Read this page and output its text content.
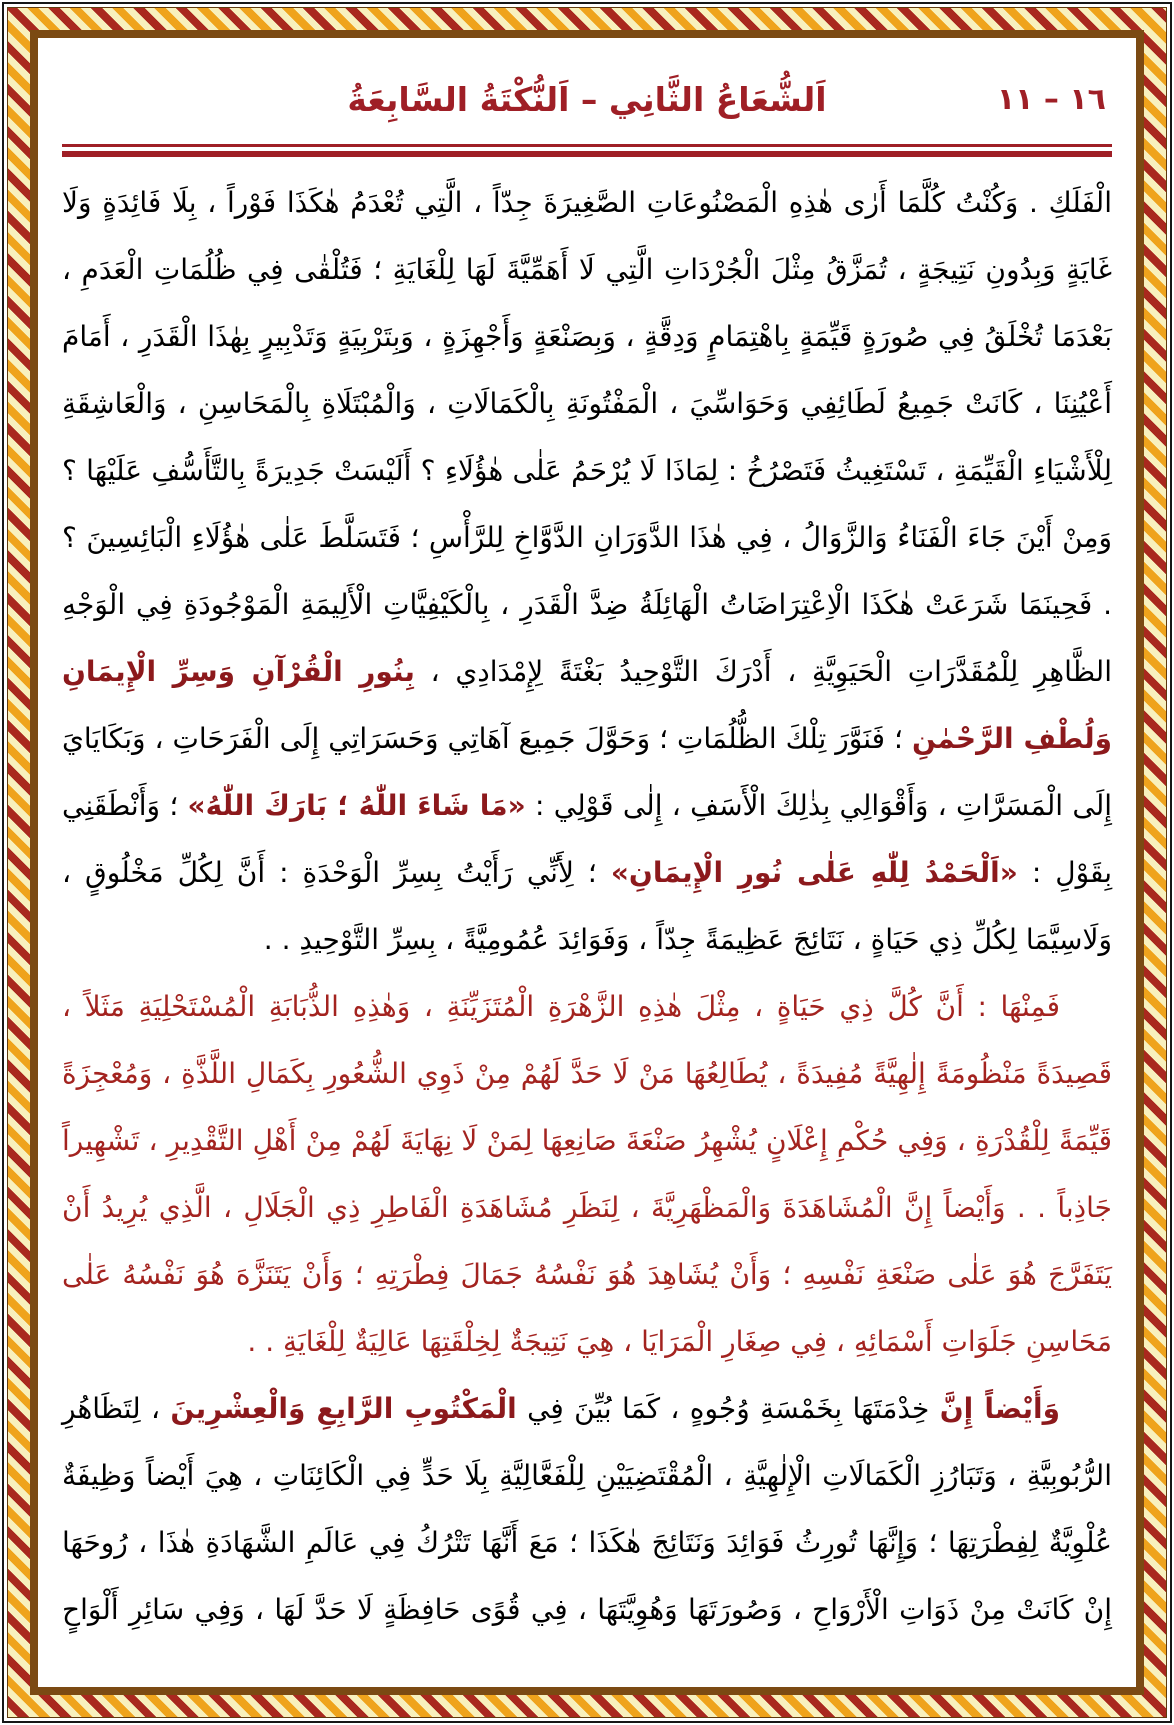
اَلشُّعَاعُ الثَّانِي – اَلنُّكْتَةُ السَّابِعَةُ	١٦ – ١١

الْفَلَكِ . وَكُنْتُ كُلَّمَا أَرٰى هٰذِهِ الْمَصْنُوعَاتِ الصَّغِيرَةَ جِدّاً ، الَّتِي تُعْدَمُ هٰكَذَا فَوْراً ، بِلَا فَائِدَةٍ وَلَا غَايَةٍ وَبِدُونِ نَتِيجَةٍ ، تُمَزَّقُ مِثْلَ الْجُرْدَاتِ الَّتِي لَا أَهَمِّيَّةَ لَهَا لِلْغَايَةِ ؛ فَتُلْقٰى فِي ظُلُمَاتِ الْعَدَمِ ، بَعْدَمَا تُخْلَقُ فِي صُورَةٍ قَيِّمَةٍ بِاهْتِمَامٍ وَدِقَّةٍ ، وَبِصَنْعَةٍ وَأَجْهِزَةٍ ، وَبِتَرْبِيَةٍ وَتَدْبِيرٍ بِهٰذَا الْقَدَرِ ، أَمَامَ أَعْيُنِنَا ، كَانَتْ جَمِيعُ لَطَائِفِي وَحَوَاسِّيَ ، الْمَفْتُونَةِ بِالْكَمَالَاتِ ، وَالْمُبْتَلَاةِ بِالْمَحَاسِنِ ، وَالْعَاشِقَةِ لِلْأَشْيَاءِ الْقَيِّمَةِ ، تَسْتَغِيثُ فَتَصْرُخُ : لِمَاذَا لَا يُرْحَمُ عَلٰى هٰؤُلَاءِ ؟ أَلَيْسَتْ جَدِيرَةً بِالتَّأَسُّفِ عَلَيْهَا ؟ وَمِنْ أَيْنَ جَاءَ الْفَنَاءُ وَالزَّوَالُ ، فِي هٰذَا الدَّوَرَانِ الدَّوَّاخِ لِلرَّأْسِ ؛ فَتَسَلَّطَ عَلٰى هٰؤُلَاءِ الْبَائِسِينَ ؟ . فَحِينَمَا شَرَعَتْ هٰكَذَا الْاِعْتِرَاضَاتُ الْهَائِلَةُ ضِدَّ الْقَدَرِ ، بِالْكَيْفِيَّاتِ الْأَلِيمَةِ الْمَوْجُودَةِ فِي الْوَجْهِ الظَّاهِرِ لِلْمُقَدَّرَاتِ الْحَيَوِيَّةِ ، أَدْرَكَ التَّوْحِيدُ بَغْتَةً لِإِمْدَادِي ، بِنُورِ الْقُرْآنِ وَسِرِّ الْإِيمَانِ وَلُطْفِ الرَّحْمٰنِ ؛ فَنَوَّرَ تِلْكَ الظُّلُمَاتِ ؛ وَحَوَّلَ جَمِيعَ آهَاتِي وَحَسَرَاتِي إِلَى الْفَرَحَاتِ ، وَبَكَايَايَ إِلَى الْمَسَرَّاتِ ، وَأَقْوَالِي بِذٰلِكَ الْأَسَفِ ، إِلٰى قَوْلِي : «مَا شَاءَ اللّٰهُ ؛ بَارَكَ اللّٰهُ» ؛ وَأَنْطَقَنِي بِقَوْلِ : «اَلْحَمْدُ لِلّٰهِ عَلٰى نُورِ الْإِيمَانِ» ؛ لِأَنِّي رَأَيْتُ بِسِرِّ الْوَحْدَةِ : أَنَّ لِكُلِّ مَخْلُوقٍ ، وَلَاسِيَّمَا لِكُلِّ ذِي حَيَاةٍ ، نَتَائِجَ عَظِيمَةً جِدّاً ، وَفَوَائِدَ عُمُومِيَّةً ، بِسِرِّ التَّوْحِيدِ . .

فَمِنْهَا : أَنَّ كُلَّ ذِي حَيَاةٍ ، مِثْلَ هٰذِهِ الزَّهْرَةِ الْمُتَزَيِّنَةِ ، وَهٰذِهِ الذُّبَابَةِ الْمُسْتَحْلِيَةِ مَثَلاً ، قَصِيدَةً مَنْظُومَةً إِلٰهِيَّةً مُفِيدَةً ، يُطَالِعُهَا مَنْ لَا حَدَّ لَهُمْ مِنْ ذَوِي الشُّعُورِ بِكَمَالِ اللَّذَّةِ ، وَمُعْجِزَةً قَيِّمَةً لِلْقُدْرَةِ ، وَفِي حُكْمِ إِعْلَانٍ يُشْهِرُ صَنْعَةَ صَانِعِهَا لِمَنْ لَا نِهَايَةَ لَهُمْ مِنْ أَهْلِ التَّقْدِيرِ ، تَشْهِيراً جَاذِباً . . وَأَيْضاً إِنَّ الْمُشَاهَدَةَ وَالْمَظْهَرِيَّةَ ، لِنَظَرِ مُشَاهَدَةِ الْفَاطِرِ ذِي الْجَلَالِ ، الَّذِي يُرِيدُ أَنْ يَتَفَرَّجَ هُوَ عَلٰى صَنْعَةِ نَفْسِهِ ؛ وَأَنْ يُشَاهِدَ هُوَ نَفْسُهُ جَمَالَ فِطْرَتِهِ ؛ وَأَنْ يَتَنَزَّهَ هُوَ نَفْسُهُ عَلٰى مَحَاسِنِ جَلَوَاتِ أَسْمَائِهِ ، فِي صِغَارِ الْمَرَايَا ، هِيَ نَتِيجَةٌ لِخِلْقَتِهَا عَالِيَةٌ لِلْغَايَةِ . .

وَأَيْضاً إِنَّ خِدْمَتَهَا بِخَمْسَةِ وُجُوهٍ ، كَمَا بُيِّنَ فِي الْمَكْتُوبِ الرَّابِعِ وَالْعِشْرِينَ ، لِتَظَاهُرِ الرُّبُوبِيَّةِ ، وَتَبَارُزِ الْكَمَالَاتِ الْإِلٰهِيَّةِ ، الْمُقْتَضِيَيْنِ لِلْفَعَّالِيَّةِ بِلَا حَدٍّ فِي الْكَائِنَاتِ ، هِيَ أَيْضاً وَظِيفَةٌ عُلْوِيَّةٌ لِفِطْرَتِهَا ؛ وَإِنَّهَا تُورِثُ فَوَائِدَ وَنَتَائِجَ هٰكَذَا ؛ مَعَ أَنَّهَا تَتْرُكُ فِي عَالَمِ الشَّهَادَةِ هٰذَا ، رُوحَهَا إِنْ كَانَتْ مِنْ ذَوَاتِ الْأَرْوَاحِ ، وَصُورَتَهَا وَهُوِيَّتَهَا ، فِي قُوًى حَافِظَةٍ لَا حَدَّ لَهَا ، وَفِي سَائِرِ أَلْوَاحٍ
